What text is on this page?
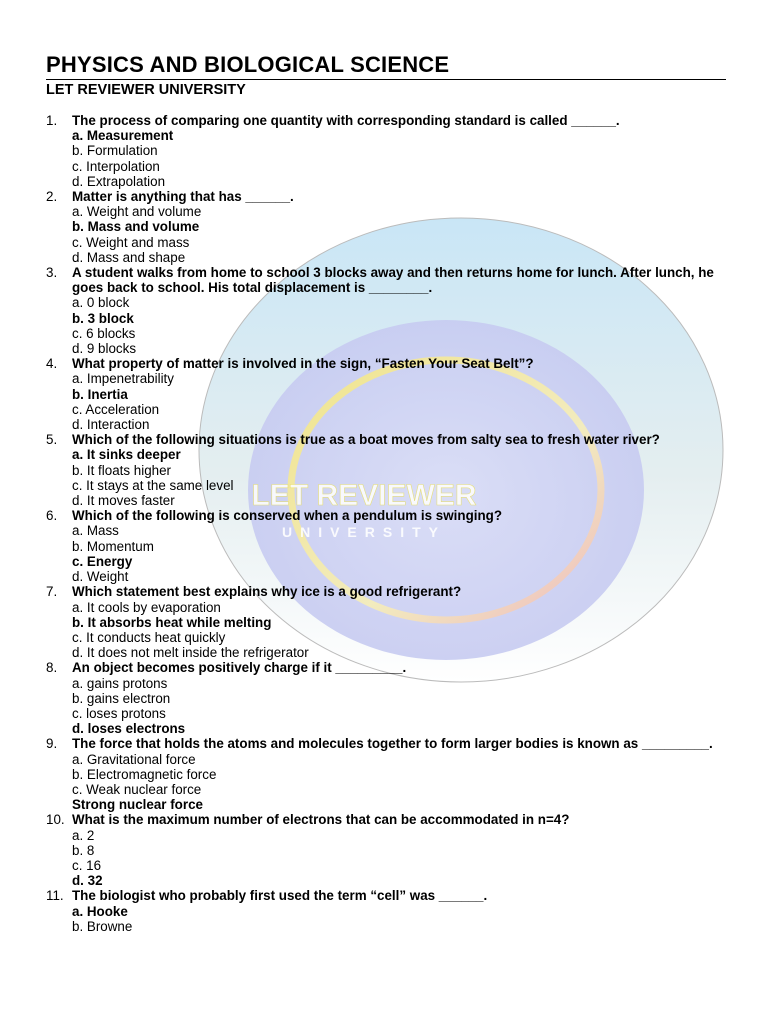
LET REVIEWER
UNIVERSITY
PHYSICS AND BIOLOGICAL SCIENCE
LET REVIEWER UNIVERSITY
1. The process of comparing one quantity with corresponding standard is called ______.
a. Measurement
b. Formulation
c. Interpolation
d. Extrapolation
2. Matter is anything that has ______.
a. Weight and volume
b. Mass and volume
c. Weight and mass
d. Mass and shape
3. A student walks from home to school 3 blocks away and then returns home for lunch. After lunch, he goes back to school. His total displacement is ________.
a. 0 block
b. 3 block
c. 6 blocks
d. 9 blocks
4. What property of matter is involved in the sign, “Fasten Your Seat Belt”?
a. Impenetrability
b. Inertia
c. Acceleration
d. Interaction
5. Which of the following situations is true as a boat moves from salty sea to fresh water river?
a. It sinks deeper
b. It floats higher
c. It stays at the same level
d. It moves faster
6. Which of the following is conserved when a pendulum is swinging?
a. Mass
b. Momentum
c. Energy
d. Weight
7. Which statement best explains why ice is a good refrigerant?
a. It cools by evaporation
b. It absorbs heat while melting
c. It conducts heat quickly
d. It does not melt inside the refrigerator
8. An object becomes positively charge if it _________.
a. gains protons
b. gains electron
c. loses protons
d. loses electrons
9. The force that holds the atoms and molecules together to form larger bodies is known as _________.
a. Gravitational force
b. Electromagnetic force
c. Weak nuclear force
Strong nuclear force
10. What is the maximum number of electrons that can be accommodated in n=4?
a. 2
b. 8
c. 16
d. 32
11. The biologist who probably first used the term “cell” was ______.
a. Hooke
b. Browne
